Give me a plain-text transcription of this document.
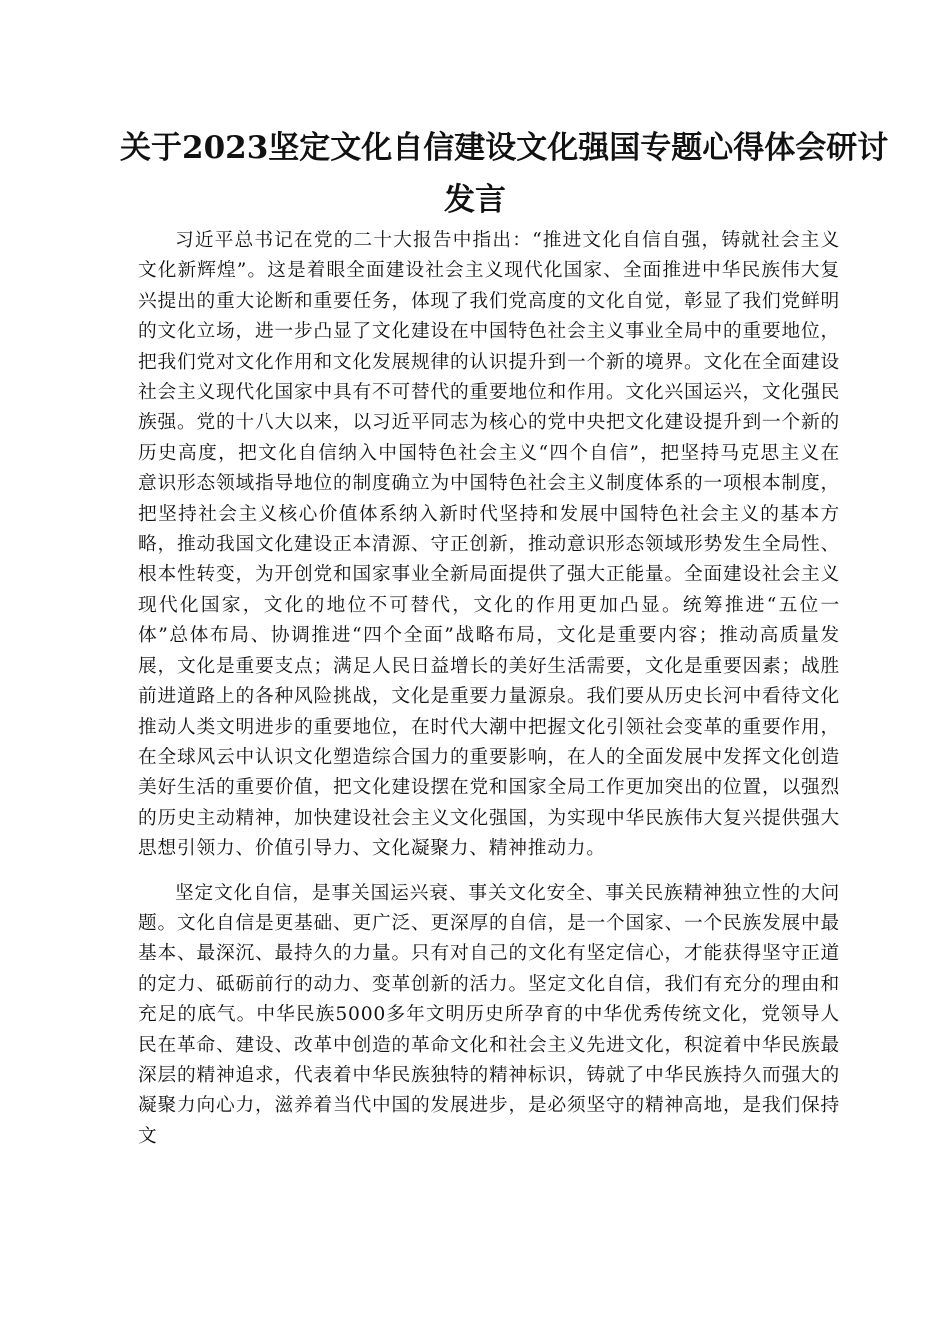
关于2023坚定文化自信建设文化强国专题心得体会研讨
发言

习近平总书记在党的二十大报告中指出：“推进文化自信自强，铸就社会主义文化新辉煌”。这是着眼全面建设社会主义现代化国家、全面推进中华民族伟大复兴提出的重大论断和重要任务，体现了我们党高度的文化自觉，彰显了我们党鲜明的文化立场，进一步凸显了文化建设在中国特色社会主义事业全局中的重要地位，把我们党对文化作用和文化发展规律的认识提升到一个新的境界。文化在全面建设社会主义现代化国家中具有不可替代的重要地位和作用。文化兴国运兴，文化强民族强。党的十八大以来，以习近平同志为核心的党中央把文化建设提升到一个新的历史高度，把文化自信纳入中国特色社会主义“四个自信”，把坚持马克思主义在意识形态领域指导地位的制度确立为中国特色社会主义制度体系的一项根本制度，把坚持社会主义核心价值体系纳入新时代坚持和发展中国特色社会主义的基本方略，推动我国文化建设正本清源、守正创新，推动意识形态领域形势发生全局性、根本性转变，为开创党和国家事业全新局面提供了强大正能量。全面建设社会主义现代化国家，文化的地位不可替代，文化的作用更加凸显。统筹推进“五位一体”总体布局、协调推进“四个全面”战略布局，文化是重要内容；推动高质量发展，文化是重要支点；满足人民日益增长的美好生活需要，文化是重要因素；战胜前进道路上的各种风险挑战，文化是重要力量源泉。我们要从历史长河中看待文化推动人类文明进步的重要地位，在时代大潮中把握文化引领社会变革的重要作用，在全球风云中认识文化塑造综合国力的重要影响，在人的全面发展中发挥文化创造美好生活的重要价值，把文化建设摆在党和国家全局工作更加突出的位置，以强烈的历史主动精神，加快建设社会主义文化强国，为实现中华民族伟大复兴提供强大思想引领力、价值引导力、文化凝聚力、精神推动力。

坚定文化自信，是事关国运兴衰、事关文化安全、事关民族精神独立性的大问题。文化自信是更基础、更广泛、更深厚的自信，是一个国家、一个民族发展中最基本、最深沉、最持久的力量。只有对自己的文化有坚定信心，才能获得坚守正道的定力、砥砺前行的动力、变革创新的活力。坚定文化自信，我们有充分的理由和充足的底气。中华民族5000多年文明历史所孕育的中华优秀传统文化，党领导人民在革命、建设、改革中创造的革命文化和社会主义先进文化，积淀着中华民族最深层的精神追求，代表着中华民族独特的精神标识，铸就了中华民族持久而强大的凝聚力向心力，滋养着当代中国的发展进步，是必须坚守的精神高地，是我们保持文
